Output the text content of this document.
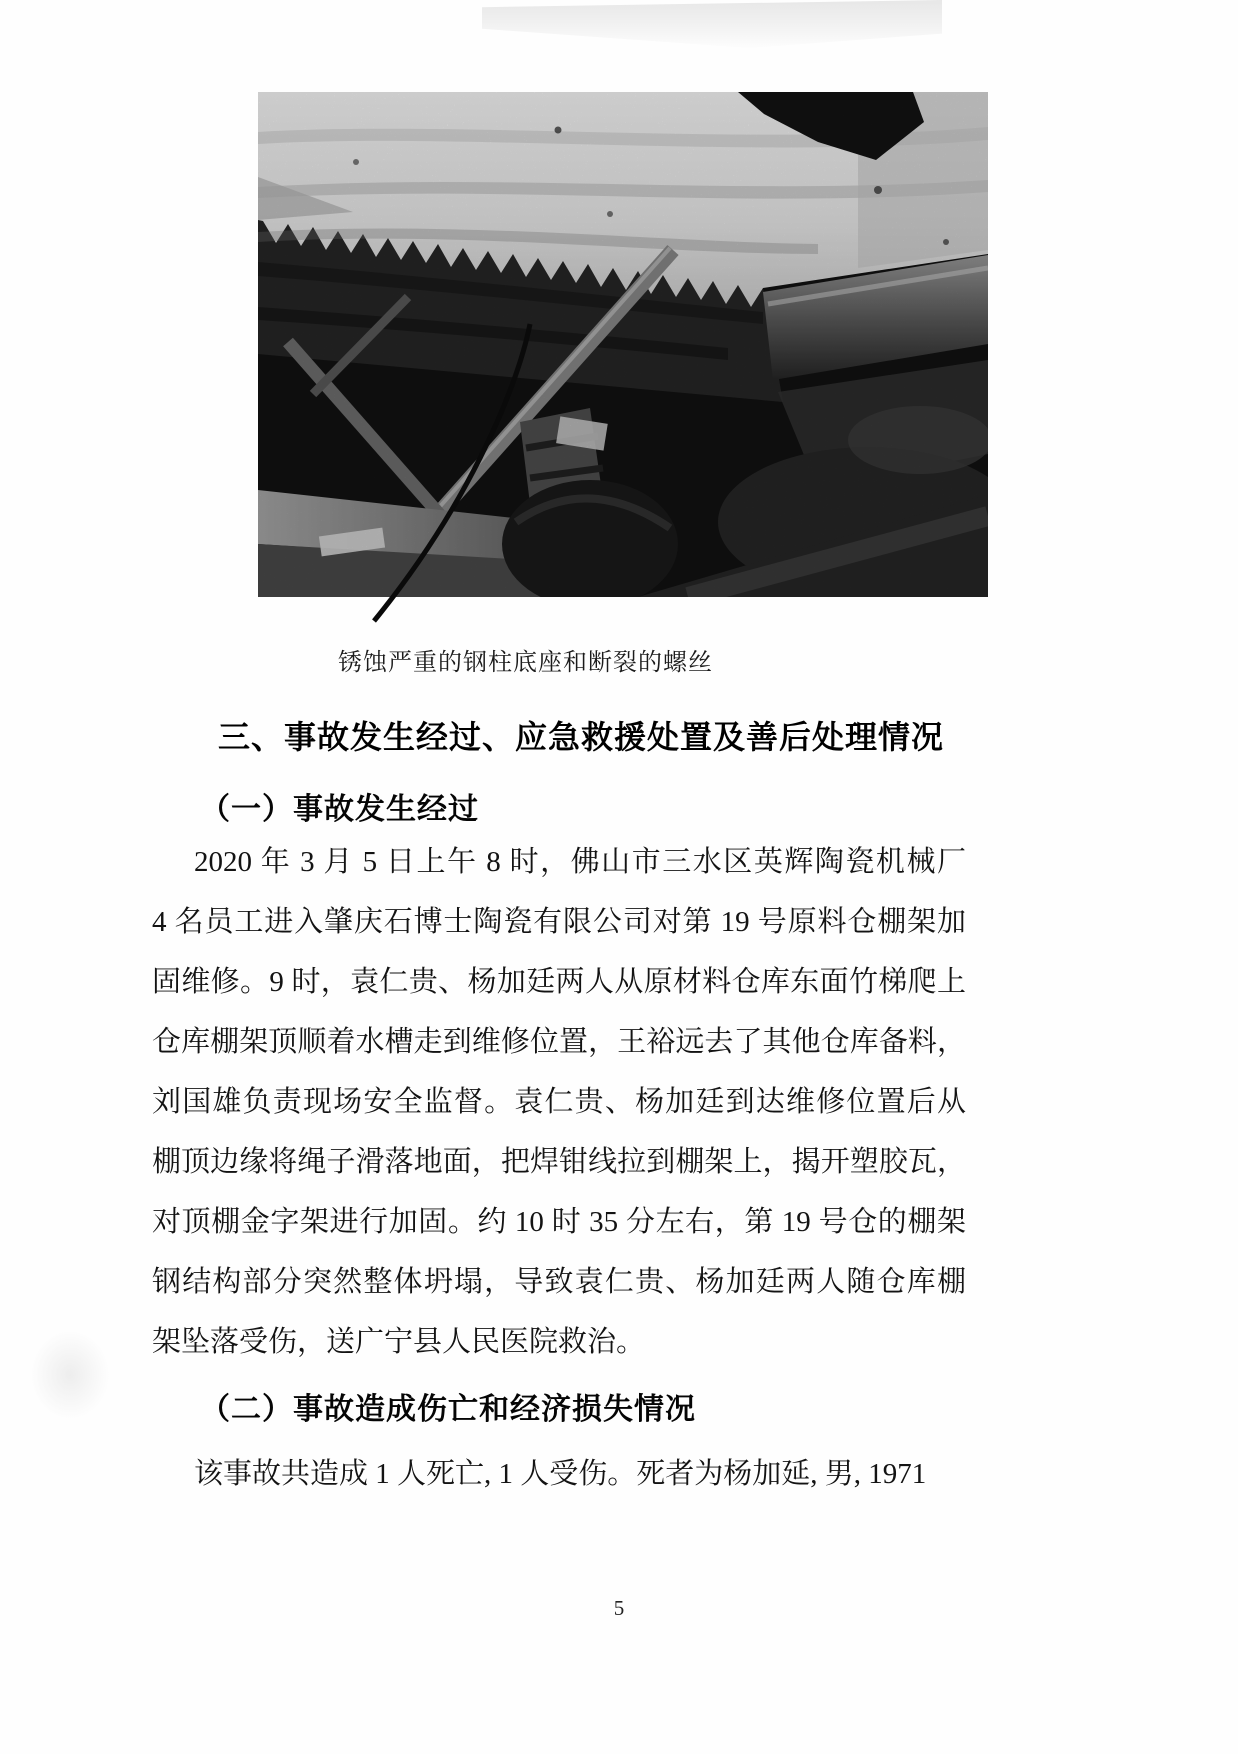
锈蚀严重的钢柱底座和断裂的螺丝
三、事故发生经过、应急救援处置及善后处理情况
（一）事故发生经过
2020 年 3 月 5 日上午 8 时，佛山市三水区英辉陶瓷机械厂
4 名员工进入肇庆石博士陶瓷有限公司对第 19 号原料仓棚架加
固维修。9 时，袁仁贵、杨加廷两人从原材料仓库东面竹梯爬上
仓库棚架顶顺着水槽走到维修位置，王裕远去了其他仓库备料，
刘国雄负责现场安全监督。袁仁贵、杨加廷到达维修位置后从
棚顶边缘将绳子滑落地面，把焊钳线拉到棚架上，揭开塑胶瓦，
对顶棚金字架进行加固。约 10 时 35 分左右，第 19 号仓的棚架
钢结构部分突然整体坍塌，导致袁仁贵、杨加廷两人随仓库棚
架坠落受伤，送广宁县人民医院救治。
（二）事故造成伤亡和经济损失情况
该事故共造成 1 人死亡, 1 人受伤。死者为杨加延, 男, 1971
5
